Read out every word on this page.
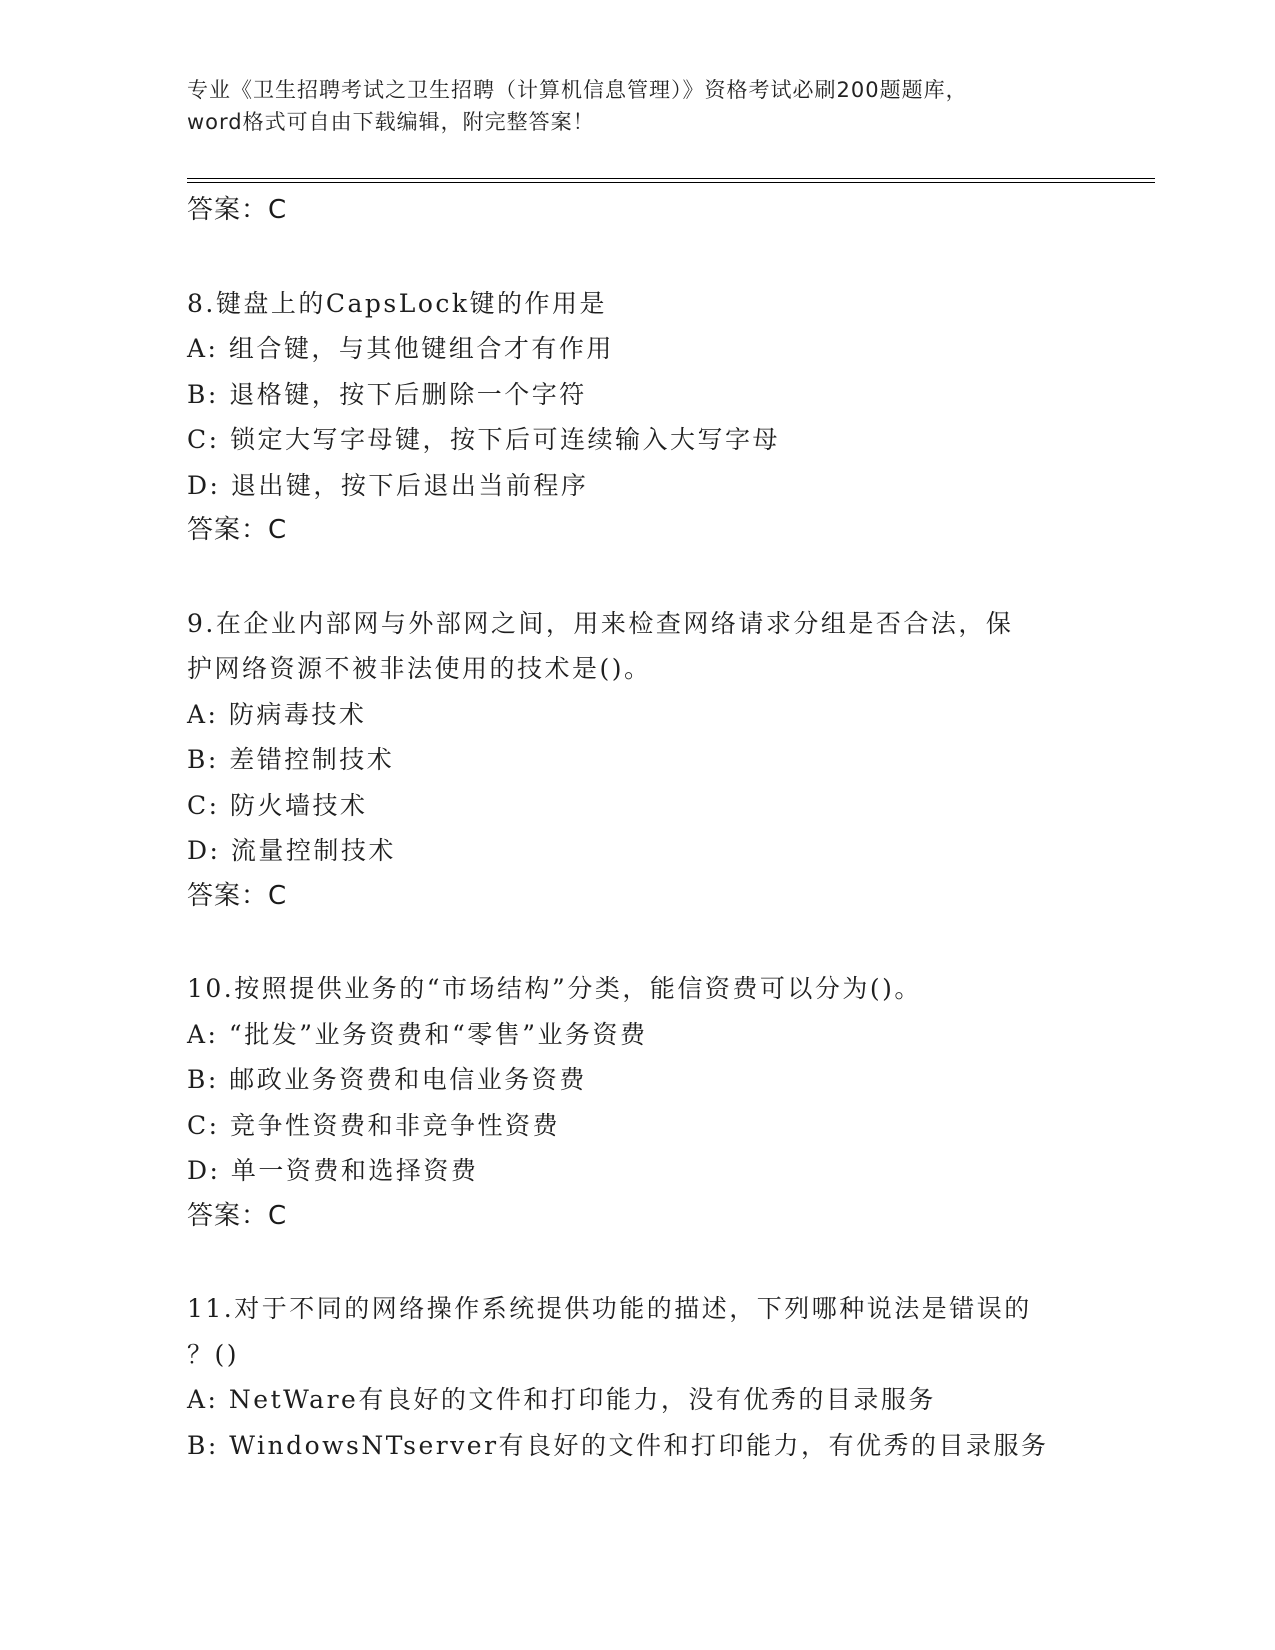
专业《卫生招聘考试之卫生招聘（计算机信息管理）》资格考试必刷200题题库，
word格式可自由下载编辑，附完整答案！
答案：C
8.键盘上的CapsLock键的作用是
A: 组合键，与其他键组合才有作用
B: 退格键，按下后删除一个字符
C: 锁定大写字母键，按下后可连续输入大写字母
D: 退出键，按下后退出当前程序
答案：C
9.在企业内部网与外部网之间，用来检查网络请求分组是否合法，保
护网络资源不被非法使用的技术是()。
A: 防病毒技术
B: 差错控制技术
C: 防火墙技术
D: 流量控制技术
答案：C
10.按照提供业务的“市场结构”分类，能信资费可以分为()。
A: “批发”业务资费和“零售”业务资费
B: 邮政业务资费和电信业务资费
C: 竞争性资费和非竞争性资费
D: 单一资费和选择资费
答案：C
11.对于不同的网络操作系统提供功能的描述，下列哪种说法是错误的
？()
A: NetWare有良好的文件和打印能力，没有优秀的目录服务
B: WindowsNTserver有良好的文件和打印能力，有优秀的目录服务
